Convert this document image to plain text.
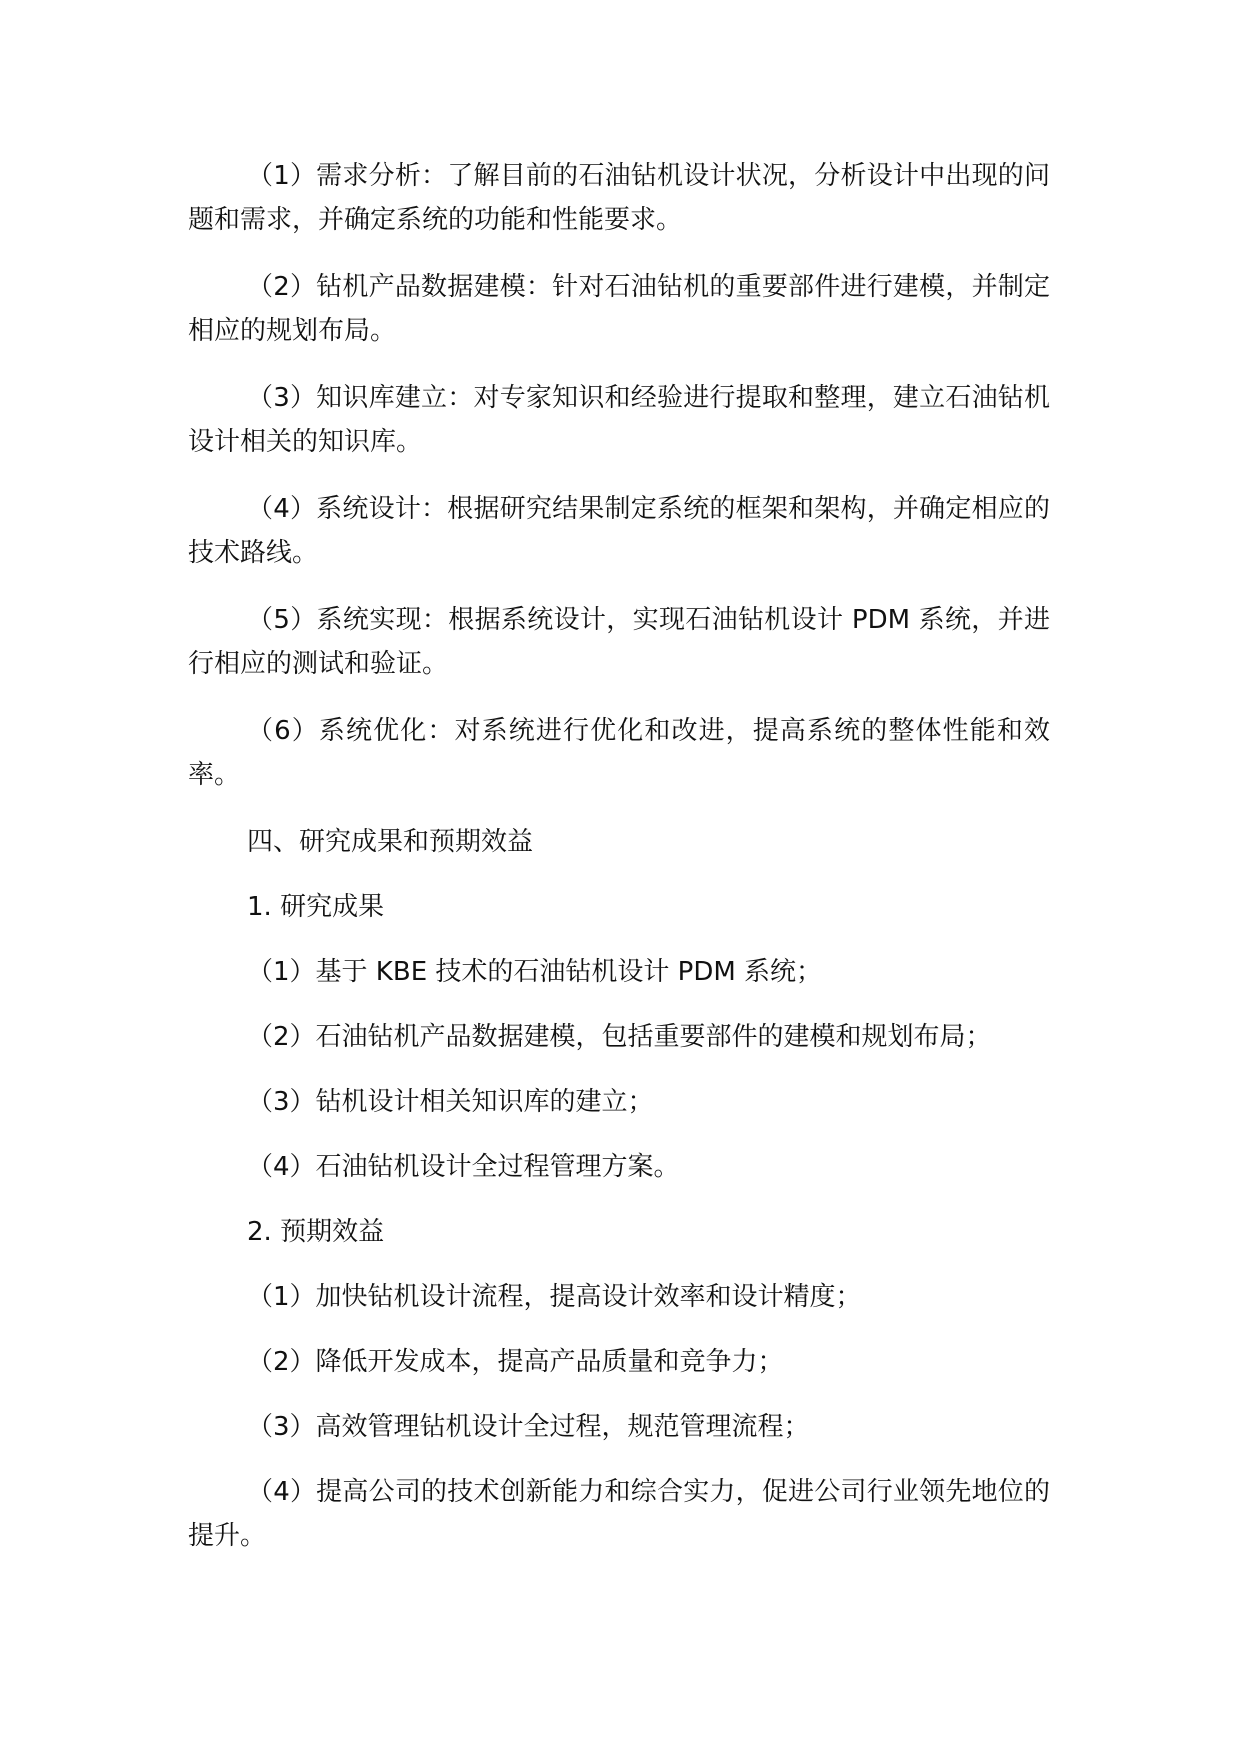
（1）需求分析：了解目前的石油钻机设计状况，分析设计中出现的问题和需求，并确定系统的功能和性能要求。

（2）钻机产品数据建模：针对石油钻机的重要部件进行建模，并制定相应的规划布局。

（3）知识库建立：对专家知识和经验进行提取和整理，建立石油钻机设计相关的知识库。

（4）系统设计：根据研究结果制定系统的框架和架构，并确定相应的技术路线。

（5）系统实现：根据系统设计，实现石油钻机设计 PDM 系统，并进行相应的测试和验证。

（6）系统优化：对系统进行优化和改进，提高系统的整体性能和效率。

四、研究成果和预期效益

1. 研究成果

（1）基于 KBE 技术的石油钻机设计 PDM 系统；

（2）石油钻机产品数据建模，包括重要部件的建模和规划布局；

（3）钻机设计相关知识库的建立；

（4）石油钻机设计全过程管理方案。

2. 预期效益

（1）加快钻机设计流程，提高设计效率和设计精度；

（2）降低开发成本，提高产品质量和竞争力；

（3）高效管理钻机设计全过程，规范管理流程；

（4）提高公司的技术创新能力和综合实力，促进公司行业领先地位的提升。
